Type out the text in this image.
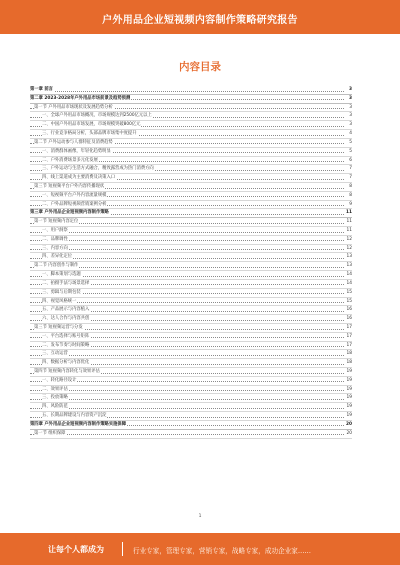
户外用品企业短视频内容制作策略研究报告
内容目录
第一章 前言	3
第二章 2023-2028年户外用品市场前景及趋势预测	3
第一节 户外用品市场现状及发展趋势分析	3
一、全球户外用品市场概况，市场规模达到2500亿元以上	3
二、中国户外用品市场发展，市场规模突破800亿元	3
三、行业竞争格局分析，头部品牌市场集中度提升	4
第二节 户外运动参与人群特征及消费趋势	5
一、消费群体画像，年轻化趋势明显	5
二、户外消费场景多元化发展	6
三、户外运动与生活方式融合，精致露营成为热门消费方向	7
四、线上渠道成为主要消费及决策入口	7
第三节 短视频平台户外内容传播现状	8
一、短视频平台户外内容流量规模	8
二、户外品牌短视频营销案例分析	9
第三章 户外用品企业短视频内容制作策略	11
第一节 短视频内容定位	11
一、用户洞察	11
二、品牌调性	12
三、内容方向	12
四、差异化定位	13
第二节 内容创作与制作	13
一、脚本策划与选题	14
二、拍摄手法与场景选择	14
三、剪辑与后期包装	15
四、视觉风格统一	15
五、产品展示与内容植入	16
六、达人合作与内容共创	16
第三节 短视频运营与分发	17
一、平台选择与账号矩阵	17
二、发布节奏与时间策略	17
三、互动运营	18
四、数据分析与内容优化	18
第四节 短视频内容转化与效果评估	19
一、转化路径设计	19
二、效果评估	19
三、投放策略	19
四、风险防范	19
五、长期品牌建设与内容资产沉淀	19
第四章 户外用品企业短视频内容制作策略实施保障	20
第一节 组织保障	20
1
让每个人都成为	行业专家，管理专家，营销专家，战略专家，成功企业家……
